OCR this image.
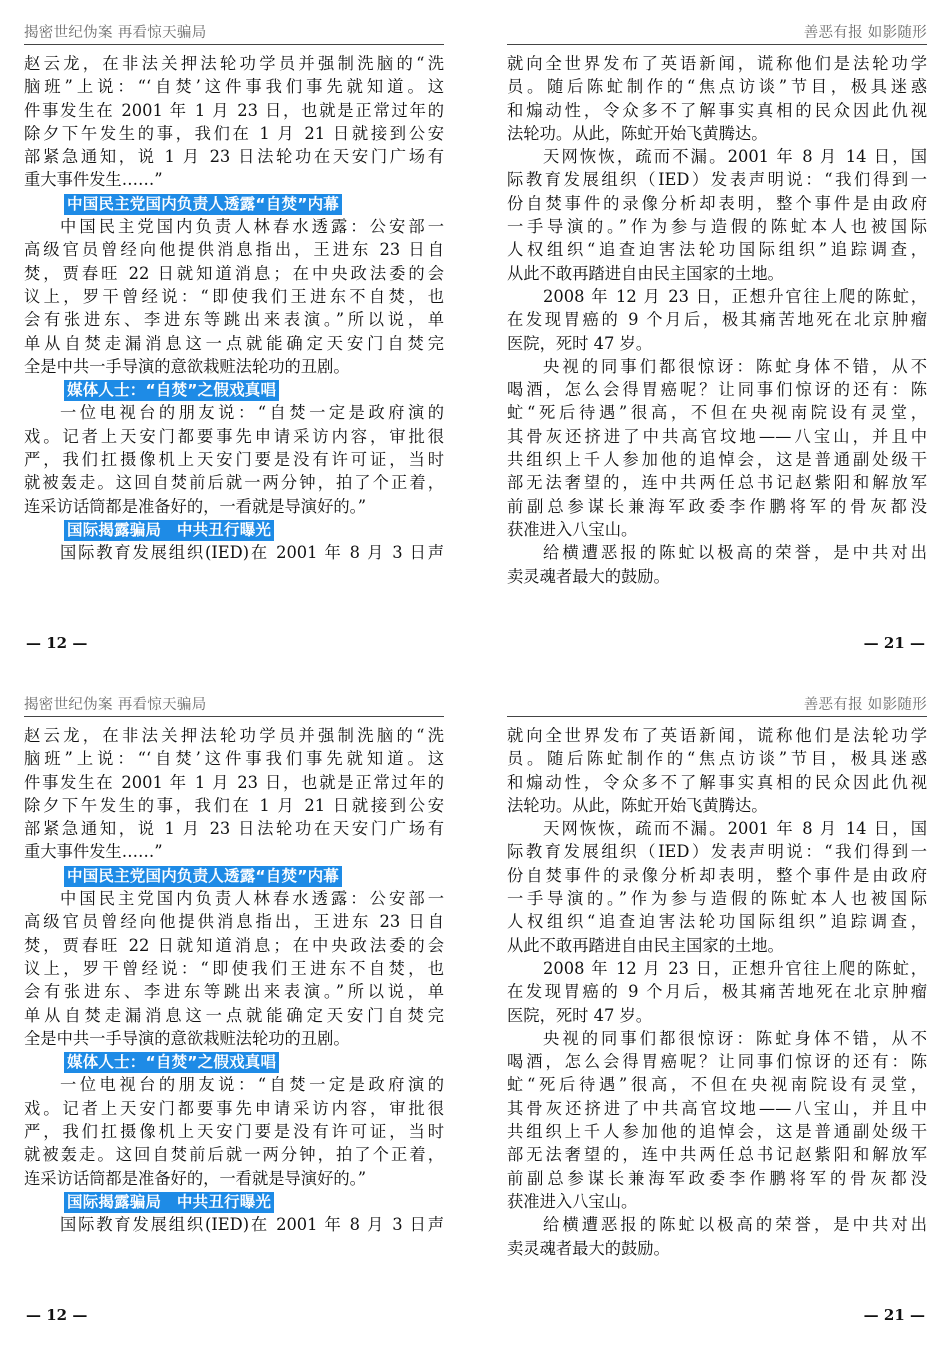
揭密世纪伪案 再看惊天骗局
赵云龙，在非法关押法轮功学员并强制洗脑的“洗
脑班”上说：“‘自焚’这件事我们事先就知道。这
件事发生在 2001 年 1 月 23 日，也就是正常过年的
除夕下午发生的事，我们在 1 月 21 日就接到公安
部紧急通知，说 1 月 23 日法轮功在天安门广场有
重大事件发生……”
中国民主党国内负责人透露“自焚”内幕
中国民主党国内负责人林春水透露：公安部一
高级官员曾经向他提供消息指出，王进东 23 日自
焚，贾春旺 22 日就知道消息；在中央政法委的会
议上，罗干曾经说：“即使我们王进东不自焚，也
会有张进东、李进东等跳出来表演。”所以说，单
单从自焚走漏消息这一点就能确定天安门自焚完
全是中共一手导演的意欲栽赃法轮功的丑剧。
媒体人士：“自焚”之假戏真唱
一位电视台的朋友说：“自焚一定是政府演的
戏。记者上天安门都要事先申请采访内容，审批很
严，我们扛摄像机上天安门要是没有许可证，当时
就被轰走。这回自焚前后就一两分钟，拍了个正着，
连采访话筒都是准备好的，一看就是导演好的。”
国际揭露骗局　中共丑行曝光
国际教育发展组织(IED)在 2001 年 8 月 3 日声
— 12 —
善恶有报 如影随形
就向全世界发布了英语新闻，谎称他们是法轮功学
员。随后陈虻制作的“焦点访谈”节目，极具迷惑
和煽动性，令众多不了解事实真相的民众因此仇视
法轮功。从此，陈虻开始飞黄腾达。
天网恢恢，疏而不漏。2001 年 8 月 14 日，国
际教育发展组织（IED）发表声明说：“我们得到一
份自焚事件的录像分析却表明，整个事件是由政府
一手导演的。”作为参与造假的陈虻本人也被国际
人权组织“追查迫害法轮功国际组织”追踪调查，
从此不敢再踏进自由民主国家的土地。
2008 年 12 月 23 日，正想升官往上爬的陈虻，
在发现胃癌的 9 个月后，极其痛苦地死在北京肿瘤
医院，死时 47 岁。
央视的同事们都很惊讶：陈虻身体不错，从不
喝酒，怎么会得胃癌呢？让同事们惊讶的还有：陈
虻“死后待遇”很高，不但在央视南院设有灵堂，
其骨灰还挤进了中共高官坟地——八宝山，并且中
共组织上千人参加他的追悼会，这是普通副处级干
部无法奢望的，连中共两任总书记赵紫阳和解放军
前副总参谋长兼海军政委李作鹏将军的骨灰都没
获准进入八宝山。
给横遭恶报的陈虻以极高的荣誉，是中共对出
卖灵魂者最大的鼓励。
— 21 —
揭密世纪伪案 再看惊天骗局
赵云龙，在非法关押法轮功学员并强制洗脑的“洗
脑班”上说：“‘自焚’这件事我们事先就知道。这
件事发生在 2001 年 1 月 23 日，也就是正常过年的
除夕下午发生的事，我们在 1 月 21 日就接到公安
部紧急通知，说 1 月 23 日法轮功在天安门广场有
重大事件发生……”
中国民主党国内负责人透露“自焚”内幕
中国民主党国内负责人林春水透露：公安部一
高级官员曾经向他提供消息指出，王进东 23 日自
焚，贾春旺 22 日就知道消息；在中央政法委的会
议上，罗干曾经说：“即使我们王进东不自焚，也
会有张进东、李进东等跳出来表演。”所以说，单
单从自焚走漏消息这一点就能确定天安门自焚完
全是中共一手导演的意欲栽赃法轮功的丑剧。
媒体人士：“自焚”之假戏真唱
一位电视台的朋友说：“自焚一定是政府演的
戏。记者上天安门都要事先申请采访内容，审批很
严，我们扛摄像机上天安门要是没有许可证，当时
就被轰走。这回自焚前后就一两分钟，拍了个正着，
连采访话筒都是准备好的，一看就是导演好的。”
国际揭露骗局　中共丑行曝光
国际教育发展组织(IED)在 2001 年 8 月 3 日声
— 12 —
善恶有报 如影随形
就向全世界发布了英语新闻，谎称他们是法轮功学
员。随后陈虻制作的“焦点访谈”节目，极具迷惑
和煽动性，令众多不了解事实真相的民众因此仇视
法轮功。从此，陈虻开始飞黄腾达。
天网恢恢，疏而不漏。2001 年 8 月 14 日，国
际教育发展组织（IED）发表声明说：“我们得到一
份自焚事件的录像分析却表明，整个事件是由政府
一手导演的。”作为参与造假的陈虻本人也被国际
人权组织“追查迫害法轮功国际组织”追踪调查，
从此不敢再踏进自由民主国家的土地。
2008 年 12 月 23 日，正想升官往上爬的陈虻，
在发现胃癌的 9 个月后，极其痛苦地死在北京肿瘤
医院，死时 47 岁。
央视的同事们都很惊讶：陈虻身体不错，从不
喝酒，怎么会得胃癌呢？让同事们惊讶的还有：陈
虻“死后待遇”很高，不但在央视南院设有灵堂，
其骨灰还挤进了中共高官坟地——八宝山，并且中
共组织上千人参加他的追悼会，这是普通副处级干
部无法奢望的，连中共两任总书记赵紫阳和解放军
前副总参谋长兼海军政委李作鹏将军的骨灰都没
获准进入八宝山。
给横遭恶报的陈虻以极高的荣誉，是中共对出
卖灵魂者最大的鼓励。
— 21 —
